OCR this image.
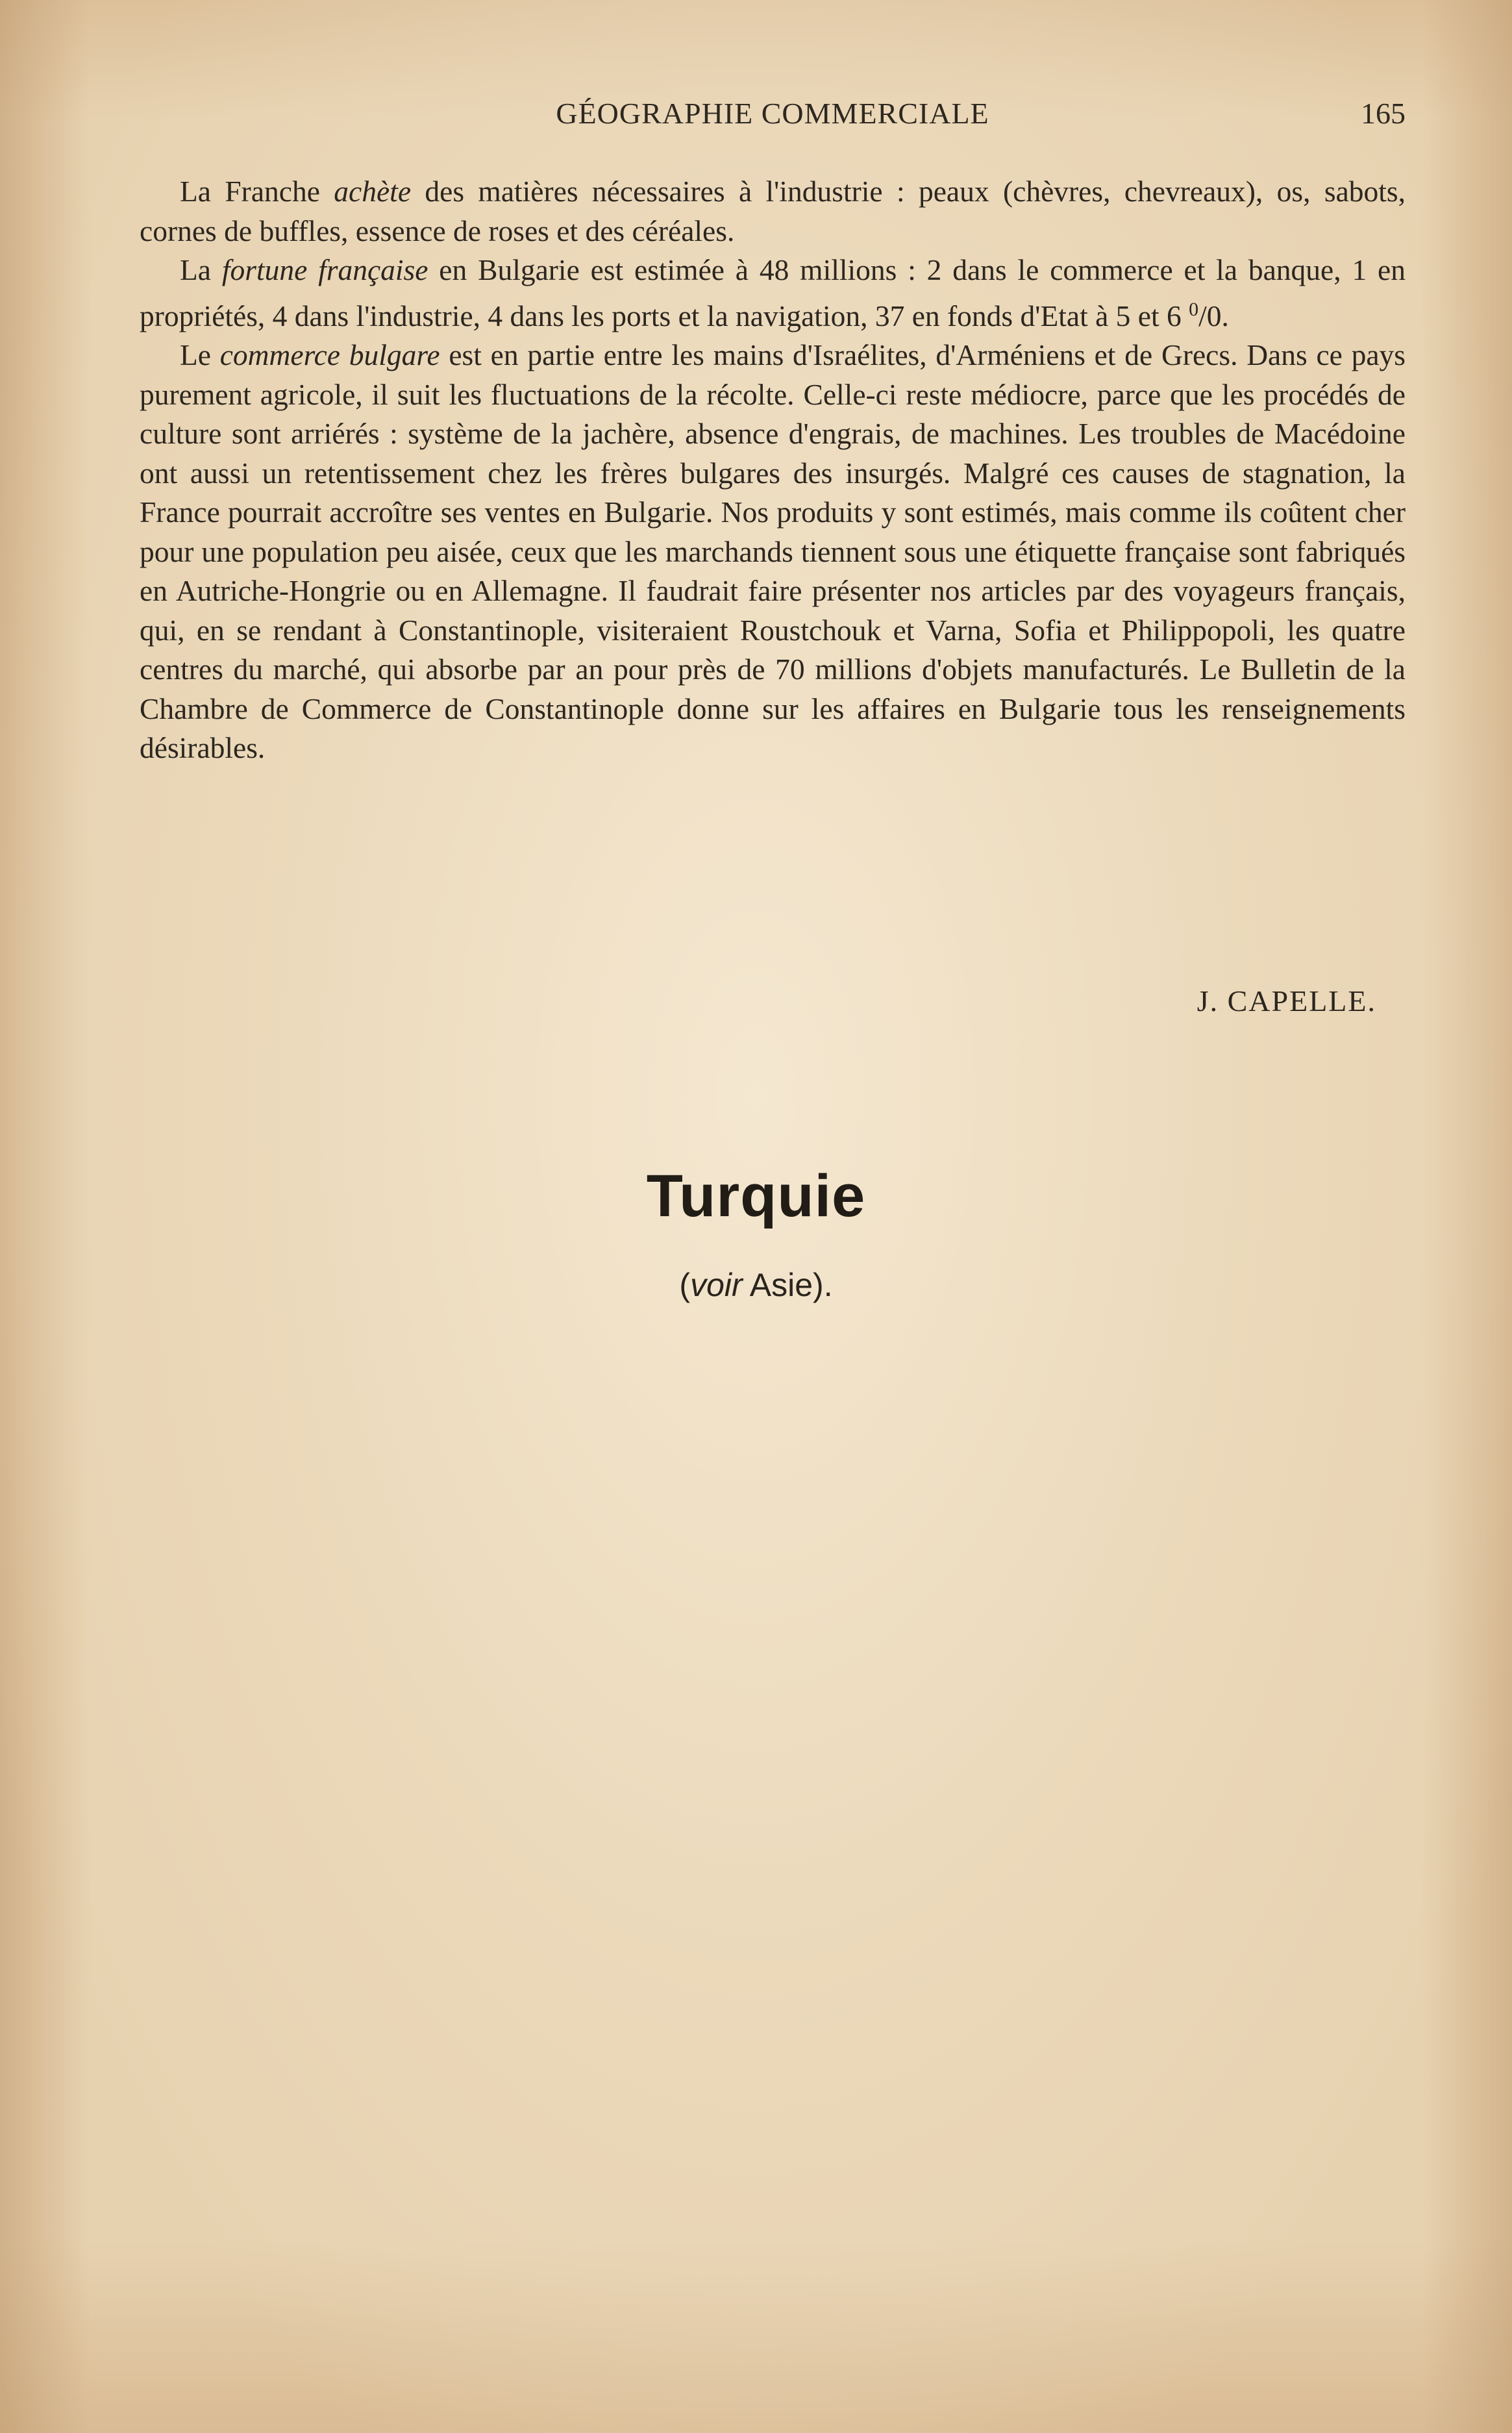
GÉOGRAPHIE COMMERCIALE	165

La Franche achète des matières nécessaires à l'industrie : peaux (chèvres, chevreaux), os, sabots, cornes de buffles, essence de roses et des céréales.

La fortune française en Bulgarie est estimée à 48 millions : 2 dans le commerce et la banque, 1 en propriétés, 4 dans l'industrie, 4 dans les ports et la navigation, 37 en fonds d'Etat à 5 et 6 $^0$/0.

Le commerce bulgare est en partie entre les mains d'Israélites, d'Arméniens et de Grecs. Dans ce pays purement agricole, il suit les fluctuations de la récolte. Celle-ci reste médiocre, parce que les procédés de culture sont arriérés : système de la jachère, absence d'engrais, de machines. Les troubles de Macédoine ont aussi un retentissement chez les frères bulgares des insurgés. Malgré ces causes de stagnation, la France pourrait accroître ses ventes en Bulgarie. Nos produits y sont estimés, mais comme ils coûtent cher pour une population peu aisée, ceux que les marchands tiennent sous une étiquette française sont fabriqués en Autriche-Hongrie ou en Allemagne. Il faudrait faire présenter nos articles par des voyageurs français, qui, en se rendant à Constantinople, visiteraient Roustchouk et Varna, Sofia et Philippopoli, les quatre centres du marché, qui absorbe par an pour près de 70 millions d'objets manufacturés. Le Bulletin de la Chambre de Commerce de Constantinople donne sur les affaires en Bulgarie tous les renseignements désirables.

J. CAPELLE.
Turquie
(voir Asie).
